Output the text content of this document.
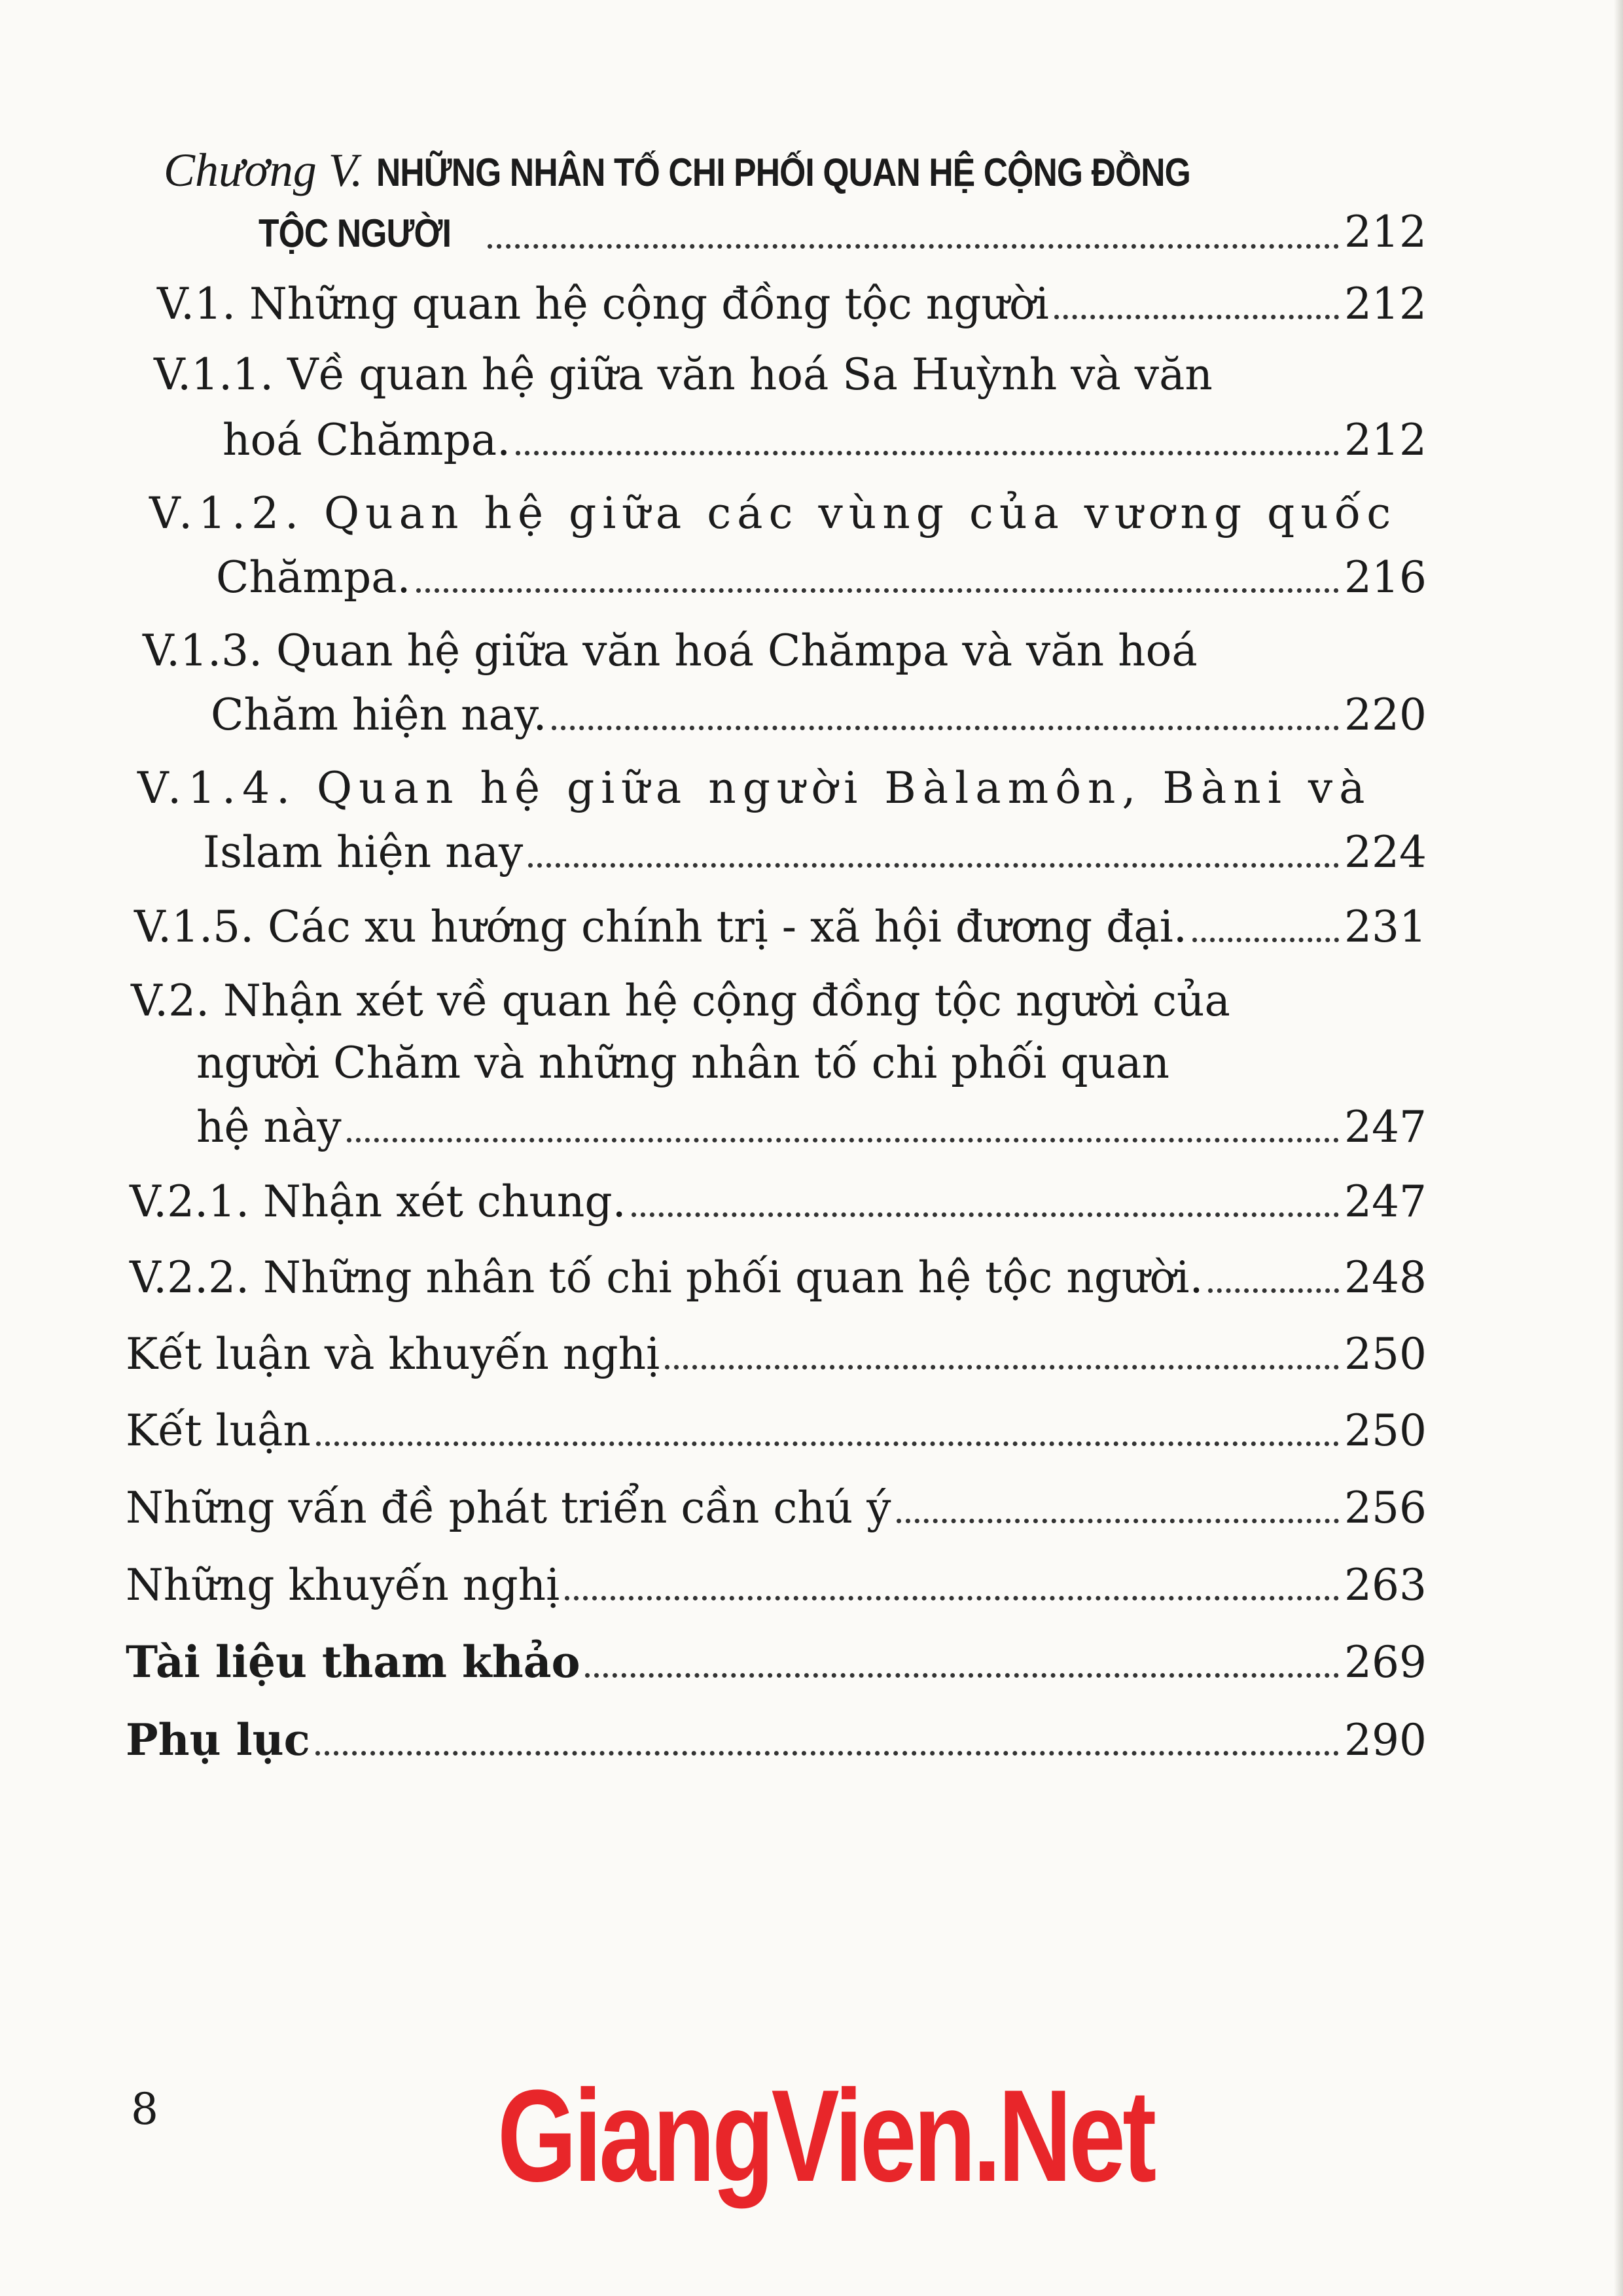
Chương V. NHỮNG NHÂN TỐ CHI PHỐI QUAN HỆ CỘNG ĐỒNG
TỘC NGƯỜI	212
V.1. Những quan hệ cộng đồng tộc người	212
V.1.1. Về quan hệ giữa văn hoá Sa Huỳnh và văn
hoá Chămpa.	212
V.1.2. Quan hệ giữa các vùng của vương quốc
Chămpa.	216
V.1.3. Quan hệ giữa văn hoá Chămpa và văn hoá
Chăm hiện nay.	220
V.1.4. Quan hệ giữa người Bàlamôn, Bàni và
Islam hiện nay	224
V.1.5. Các xu hướng chính trị - xã hội đương đại.	231
V.2. Nhận xét về quan hệ cộng đồng tộc người của
người Chăm và những nhân tố chi phối quan
hệ này	247
V.2.1. Nhận xét chung.	247
V.2.2. Những nhân tố chi phối quan hệ tộc người.	248
Kết luận và khuyến nghị	250
Kết luận	250
Những vấn đề phát triển cần chú ý	256
Những khuyến nghị	263
Tài liệu tham khảo	269
Phụ lục	290
8	GiangVien.Net
